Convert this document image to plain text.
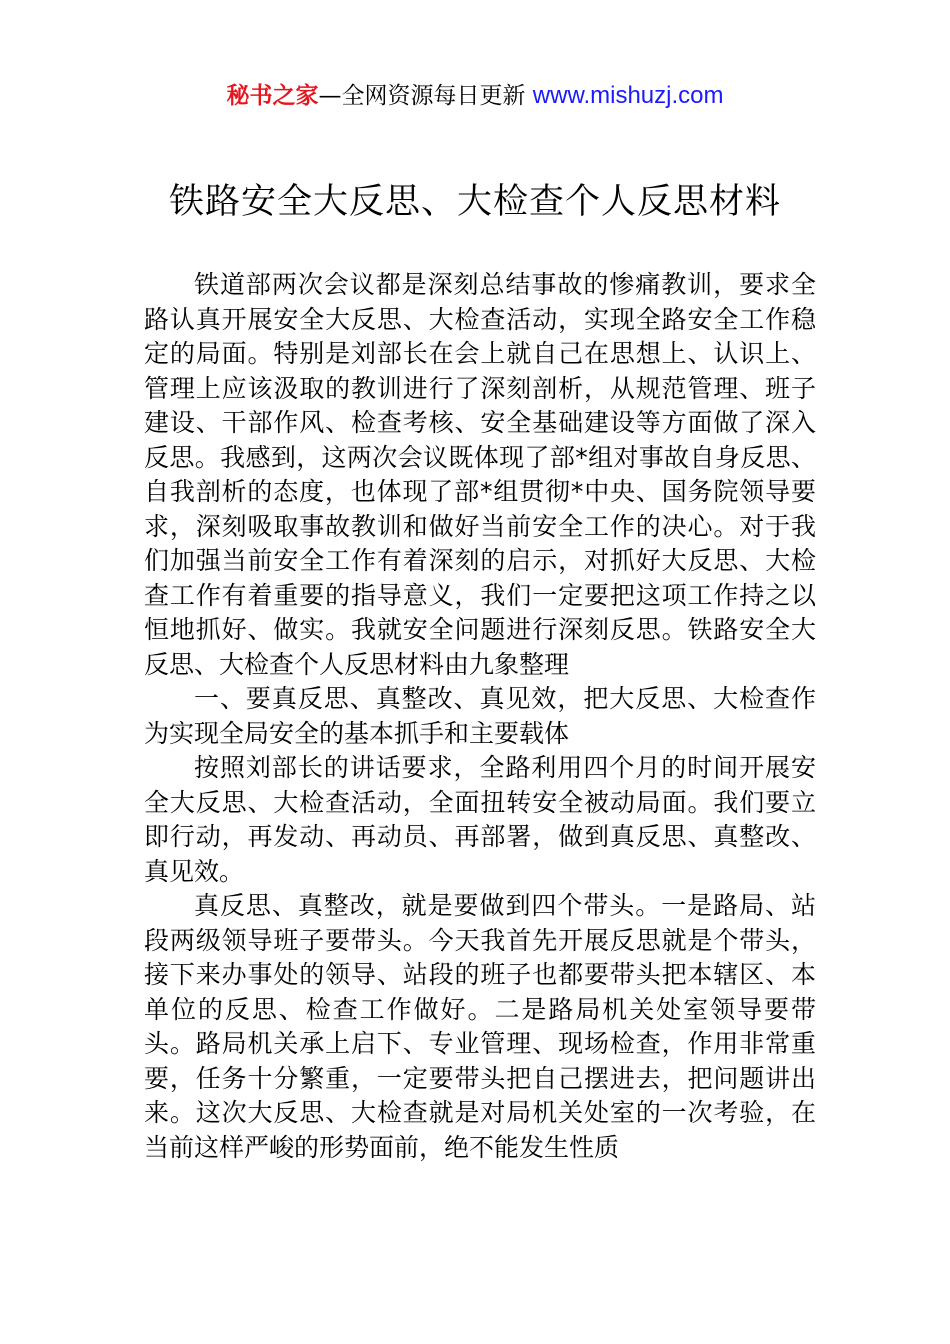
秘书之家—全网资源每日更新 www.mishuzj.com
铁路安全大反思、大检查个人反思材料

铁道部两次会议都是深刻总结事故的惨痛教训，要求全路认真开展安全大反思、大检查活动，实现全路安全工作稳定的局面。特别是刘部长在会上就自己在思想上、认识上、管理上应该汲取的教训进行了深刻剖析，从规范管理、班子建设、干部作风、检查考核、安全基础建设等方面做了深入反思。我感到，这两次会议既体现了部*组对事故自身反思、自我剖析的态度，也体现了部*组贯彻*中央、国务院领导要求，深刻吸取事故教训和做好当前安全工作的决心。对于我们加强当前安全工作有着深刻的启示，对抓好大反思、大检查工作有着重要的指导意义，我们一定要把这项工作持之以恒地抓好、做实。我就安全问题进行深刻反思。铁路安全大反思、大检查个人反思材料由九象整理

一、要真反思、真整改、真见效，把大反思、大检查作为实现全局安全的基本抓手和主要载体

按照刘部长的讲话要求，全路利用四个月的时间开展安全大反思、大检查活动，全面扭转安全被动局面。我们要立即行动，再发动、再动员、再部署，做到真反思、真整改、真见效。

真反思、真整改，就是要做到四个带头。一是路局、站段两级领导班子要带头。今天我首先开展反思就是个带头，接下来办事处的领导、站段的班子也都要带头把本辖区、本单位的反思、检查工作做好。二是路局机关处室领导要带头。路局机关承上启下、专业管理、现场检查，作用非常重要，任务十分繁重，一定要带头把自己摆进去，把问题讲出来。这次大反思、大检查就是对局机关处室的一次考验，在当前这样严峻的形势面前，绝不能发生性质
